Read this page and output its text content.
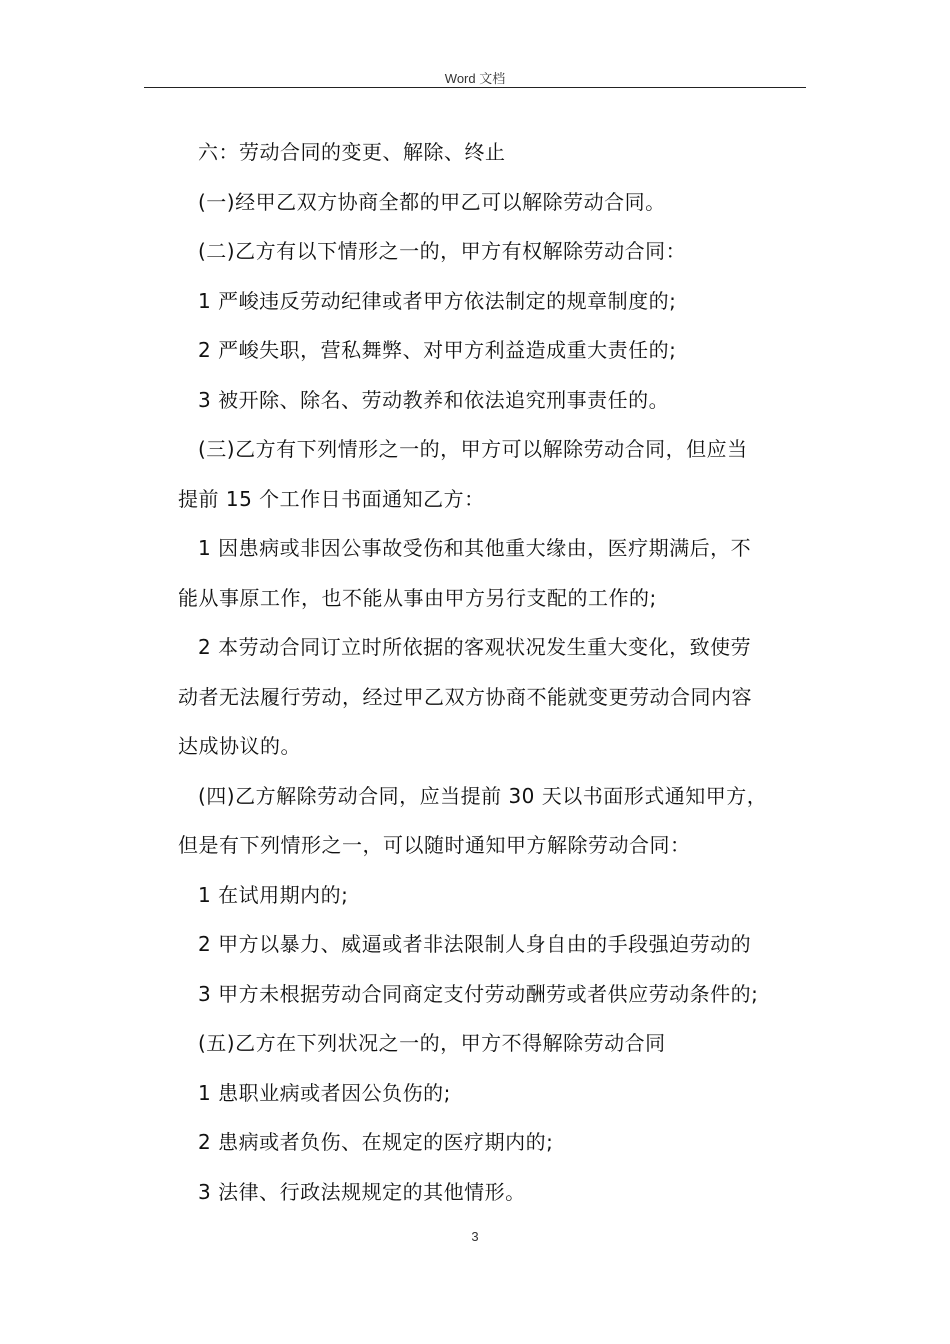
Word 文档
六：劳动合同的变更、解除、终止
(一)经甲乙双方协商全都的甲乙可以解除劳动合同。
(二)乙方有以下情形之一的，甲方有权解除劳动合同：
1 严峻违反劳动纪律或者甲方依法制定的规章制度的;
2 严峻失职，营私舞弊、对甲方利益造成重大责任的;
3 被开除、除名、劳动教养和依法追究刑事责任的。
(三)乙方有下列情形之一的，甲方可以解除劳动合同，但应当
提前 15 个工作日书面通知乙方：
1 因患病或非因公事故受伤和其他重大缘由，医疗期满后，不
能从事原工作，也不能从事由甲方另行支配的工作的;
2 本劳动合同订立时所依据的客观状况发生重大变化，致使劳
动者无法履行劳动，经过甲乙双方协商不能就变更劳动合同内容
达成协议的。
(四)乙方解除劳动合同，应当提前 30 天以书面形式通知甲方，
但是有下列情形之一，可以随时通知甲方解除劳动合同：
1 在试用期内的;
2 甲方以暴力、威逼或者非法限制人身自由的手段强迫劳动的
3 甲方未根据劳动合同商定支付劳动酬劳或者供应劳动条件的;
(五)乙方在下列状况之一的，甲方不得解除劳动合同
1 患职业病或者因公负伤的;
2 患病或者负伤、在规定的医疗期内的;
3 法律、行政法规规定的其他情形。
3
